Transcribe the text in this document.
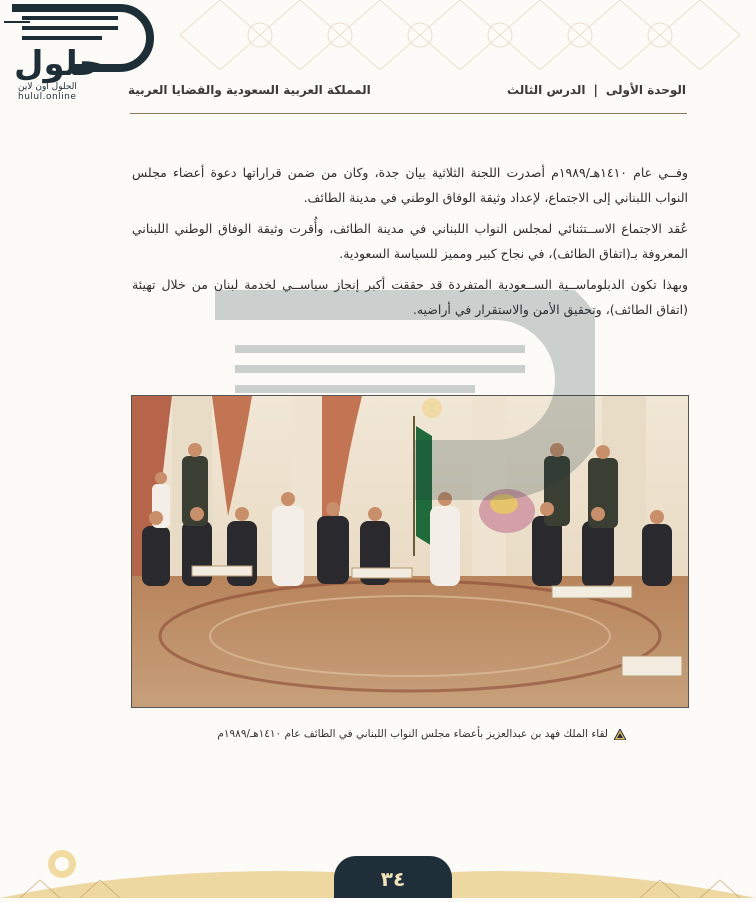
حلول
الحلول اون لاين
hulul.online	الوحدة الأولى
|
الدرس الثالث
المملكة العربية السعودية والقضايا العربية

وفــي عام ١٤١٠هـ/١٩٨٩م أصدرت اللجنة الثلاثية بيان جدة، وكان من ضمن قراراتها دعوة أعضاء مجلس النواب اللبناني إلى الاجتماع، لإعداد وثيقة الوفاق الوطني في مدينة الطائف.

عُقد الاجتماع الاســتثنائي لمجلس النواب اللبناني في مدينة الطائف، وأُقرت وثيقة الوفاق الوطني اللبناني المعروفة بـ(اتفاق الطائف)، في نجاح كبير ومميز للسياسة السعودية.

وبهذا تكون الدبلوماســية الســعودية المتفردة قد حققت أكبر إنجاز سياســي لخدمة لبنان من خلال تهيئة (اتفاق الطائف)، وتحقيق الأمن والاستقرار في أراضيه.

لقاء الملك فهد بن عبدالعزيز بأعضاء مجلس النواب اللبناني في الطائف عام ١٤١٠هـ/١٩٨٩م
٣٤
